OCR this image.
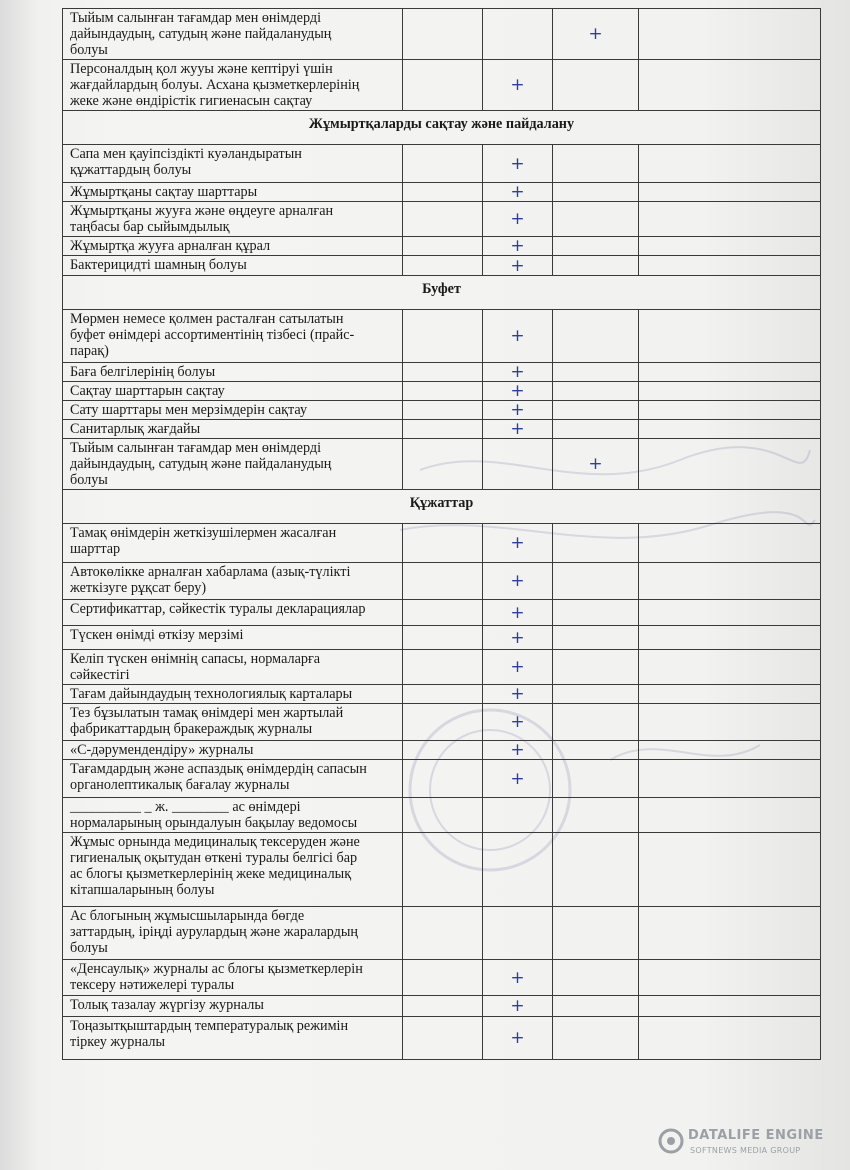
Тыйым салынған тағамдар мен өнімдерді
дайындаудың, сатудың және пайдаланудың
болуы			+	

Персоналдың қол жууы және кептіруі үшін
жағдайлардың болуы. Асхана қызметкерлерінің
жеке және өндірістік гигиенасын сақтау		+		
Жұмыртқаларды сақтау және пайдалану				

Сапа мен қауіпсіздікті куәландыратын
құжаттардың болуы		+		

Жұмыртқаны сақтау шарттары		+		

Жұмыртқаны жууға және өңдеуге арналған
таңбасы бар сыйымдылық		+		

Жұмыртқа жууға арналған құрал		+		

Бактерицидті шамның болуы		+		
Буфет				

Мөрмен немесе қолмен расталған сатылатын
буфет өнімдері ассортиментінің тізбесі (прайс-
парақ)		+		

Баға белгілерінің болуы		+		

Сақтау шарттарын сақтау		+		

Сату шарттары мен мерзімдерін сақтау		+		

Санитарлық жағдайы		+		

Тыйым салынған тағамдар мен өнімдерді
дайындаудың, сатудың және пайдаланудың
болуы			+	
Құжаттар				

Тамақ өнімдерін жеткізушілермен жасалған
шарттар		+		

Автокөлікке арналған хабарлама (азық-түлікті
жеткізуге рұқсат беру)		+		

Сертификаттар, сәйкестік туралы декларациялар		+		

Түскен өнімді өткізу мерзімі		+		

Келіп түскен өнімнің сапасы, нормаларға
сәйкестігі		+		

Тағам дайындаудың технологиялық карталары		+		

Тез бұзылатын тамақ өнімдері мен жартылай
фабрикаттардың бракераждық журналы		+		

«С-дәрумендендіру» журналы		+		

Тағамдардың және аспаздық өнімдердің сапасын
органолептикалық бағалау журналы		+		

__________ _ ж. ________ ас өнімдері
нормаларының орындалуын бақылау ведомосы				

Жұмыс орнында медициналық тексеруден және
гигиеналық оқытудан өткені туралы белгісі бар
ас блогы қызметкерлерінің жеке медициналық
кітапшаларының болуы				

Ас блогының жұмысшыларында бөгде
заттардың, іріңді аурулардың және жаралардың
болуы				

«Денсаулық» журналы ас блогы қызметкерлерін
тексеру нәтижелері туралы		+		

Толық тазалау жүргізу журналы		+		

Тоңазытқыштардың температуралық режимін
тіркеу журналы		+		
DATALIFE ENGINE
SOFTNEWS MEDIA GROUP
